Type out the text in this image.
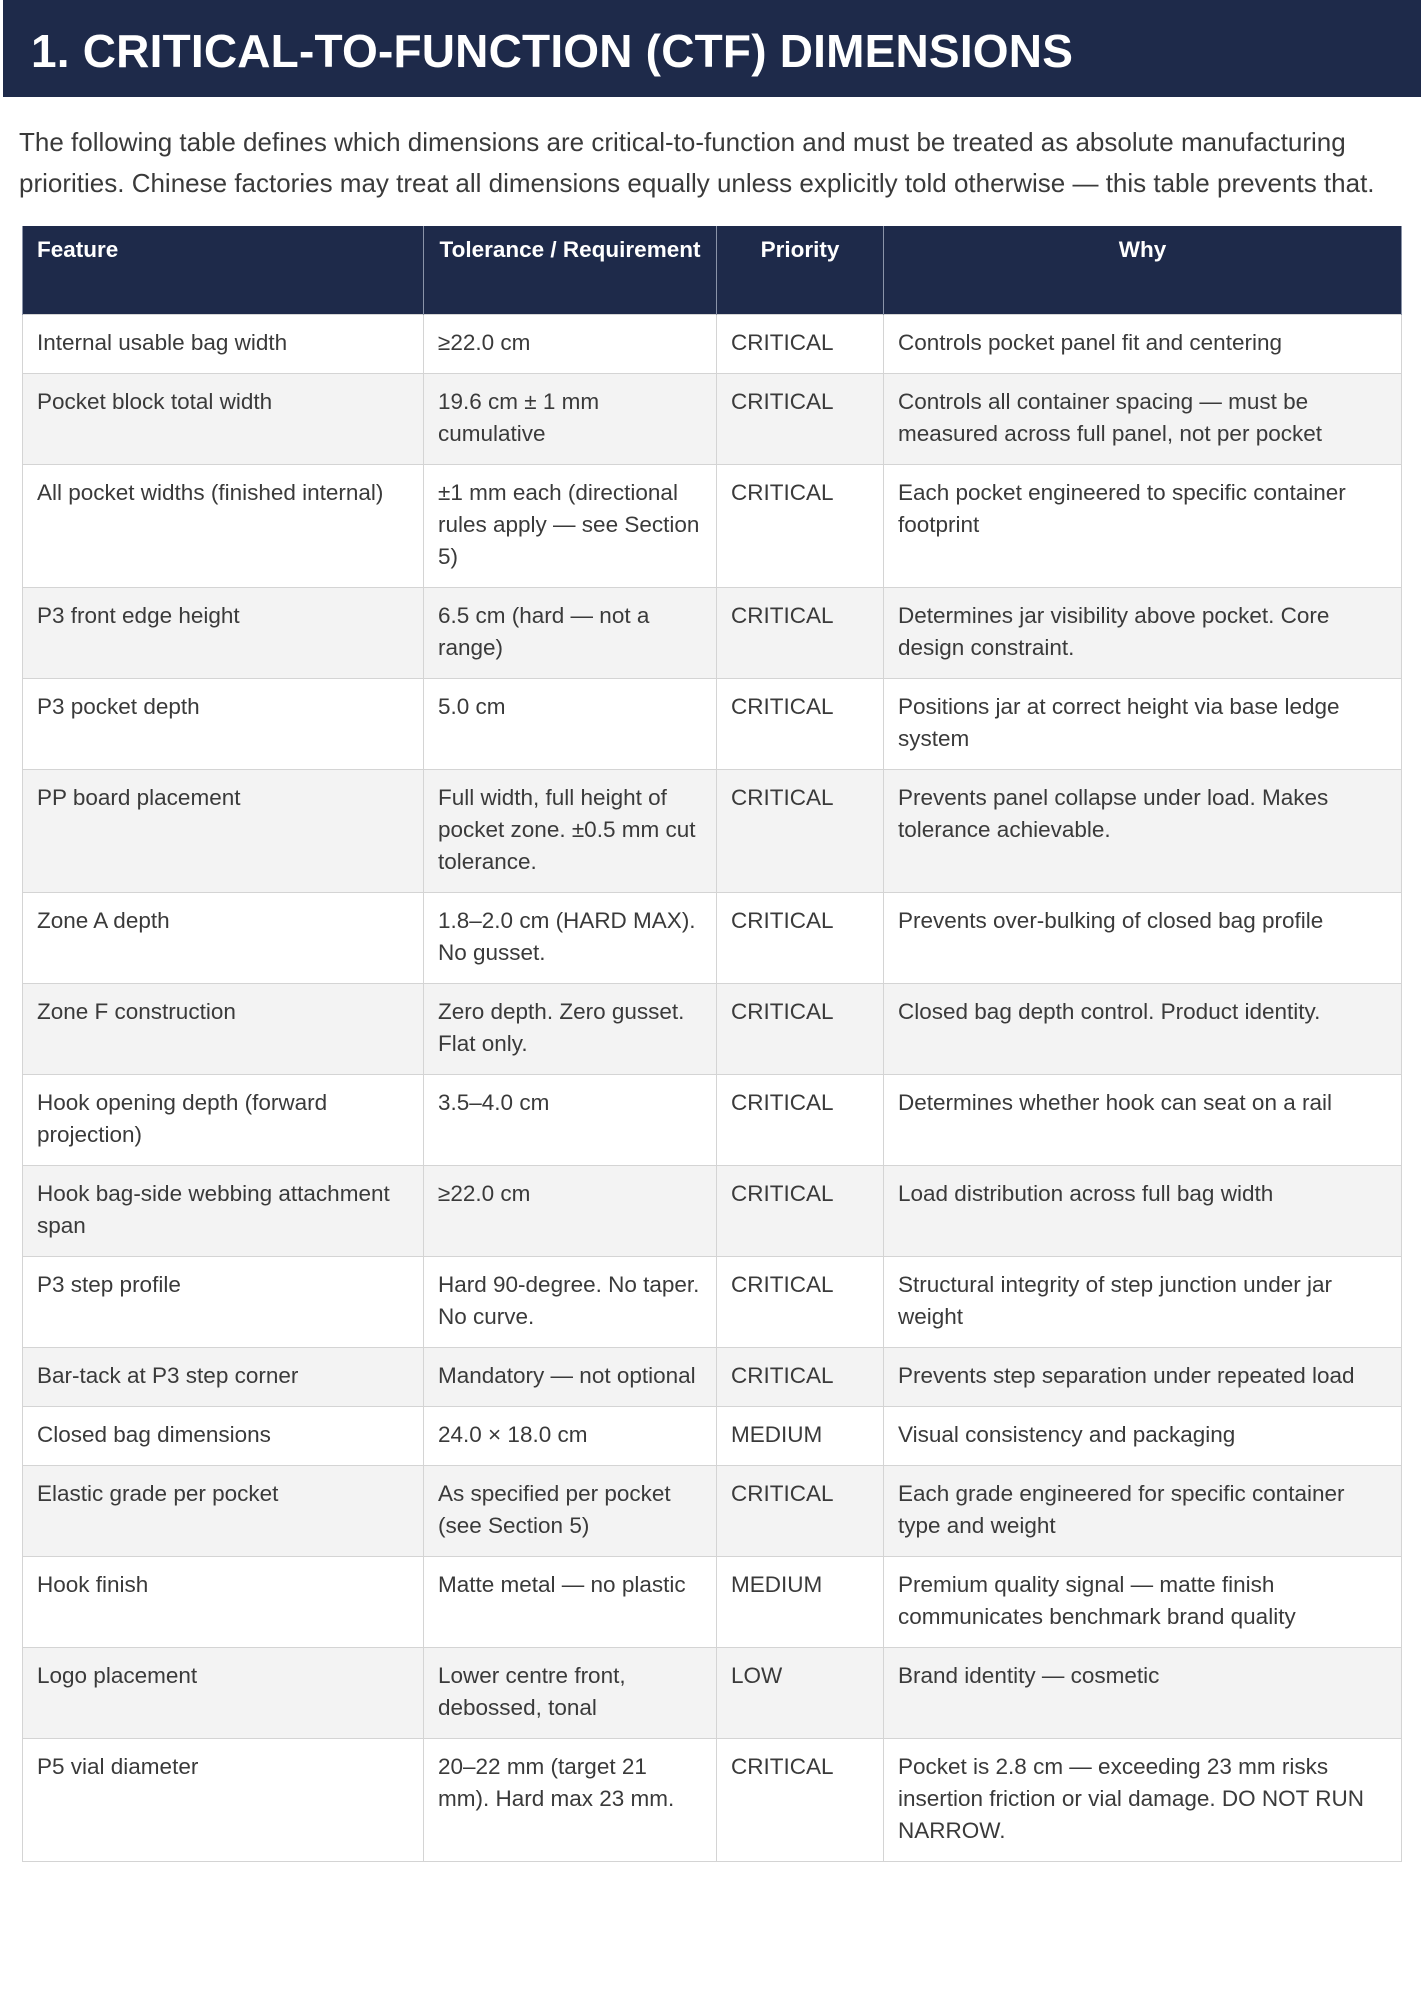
1. CRITICAL-TO-FUNCTION (CTF) DIMENSIONS

The following table defines which dimensions are critical-to-function and must be treated as absolute manufacturing priorities. Chinese factories may treat all dimensions equally unless explicitly told otherwise — this table prevents that.

Feature	Tolerance / Requirement	Priority	Why
Internal usable bag width	≥22.0 cm	CRITICAL	Controls pocket panel fit and centering
Pocket block total width	19.6 cm ± 1 mm cumulative	CRITICAL	Controls all container spacing — must be measured across full panel, not per pocket
All pocket widths (finished internal)	±1 mm each (directional rules apply — see Section 5)	CRITICAL	Each pocket engineered to specific container footprint
P3 front edge height	6.5 cm (hard — not a range)	CRITICAL	Determines jar visibility above pocket. Core design constraint.
P3 pocket depth	5.0 cm	CRITICAL	Positions jar at correct height via base ledge system
PP board placement	Full width, full height of pocket zone. ±0.5 mm cut tolerance.	CRITICAL	Prevents panel collapse under load. Makes tolerance achievable.
Zone A depth	1.8–2.0 cm (HARD MAX). No gusset.	CRITICAL	Prevents over-bulking of closed bag profile
Zone F construction	Zero depth. Zero gusset. Flat only.	CRITICAL	Closed bag depth control. Product identity.
Hook opening depth (forward projection)	3.5–4.0 cm	CRITICAL	Determines whether hook can seat on a rail
Hook bag-side webbing attachment span	≥22.0 cm	CRITICAL	Load distribution across full bag width
P3 step profile	Hard 90-degree. No taper. No curve.	CRITICAL	Structural integrity of step junction under jar weight
Bar-tack at P3 step corner	Mandatory — not optional	CRITICAL	Prevents step separation under repeated load
Closed bag dimensions	24.0 × 18.0 cm	MEDIUM	Visual consistency and packaging
Elastic grade per pocket	As specified per pocket (see Section 5)	CRITICAL	Each grade engineered for specific container type and weight
Hook finish	Matte metal — no plastic	MEDIUM	Premium quality signal — matte finish communicates benchmark brand quality
Logo placement	Lower centre front, debossed, tonal	LOW	Brand identity — cosmetic
P5 vial diameter	20–22 mm (target 21 mm). Hard max 23 mm.	CRITICAL	Pocket is 2.8 cm — exceeding 23 mm risks insertion friction or vial damage. DO NOT RUN NARROW.
